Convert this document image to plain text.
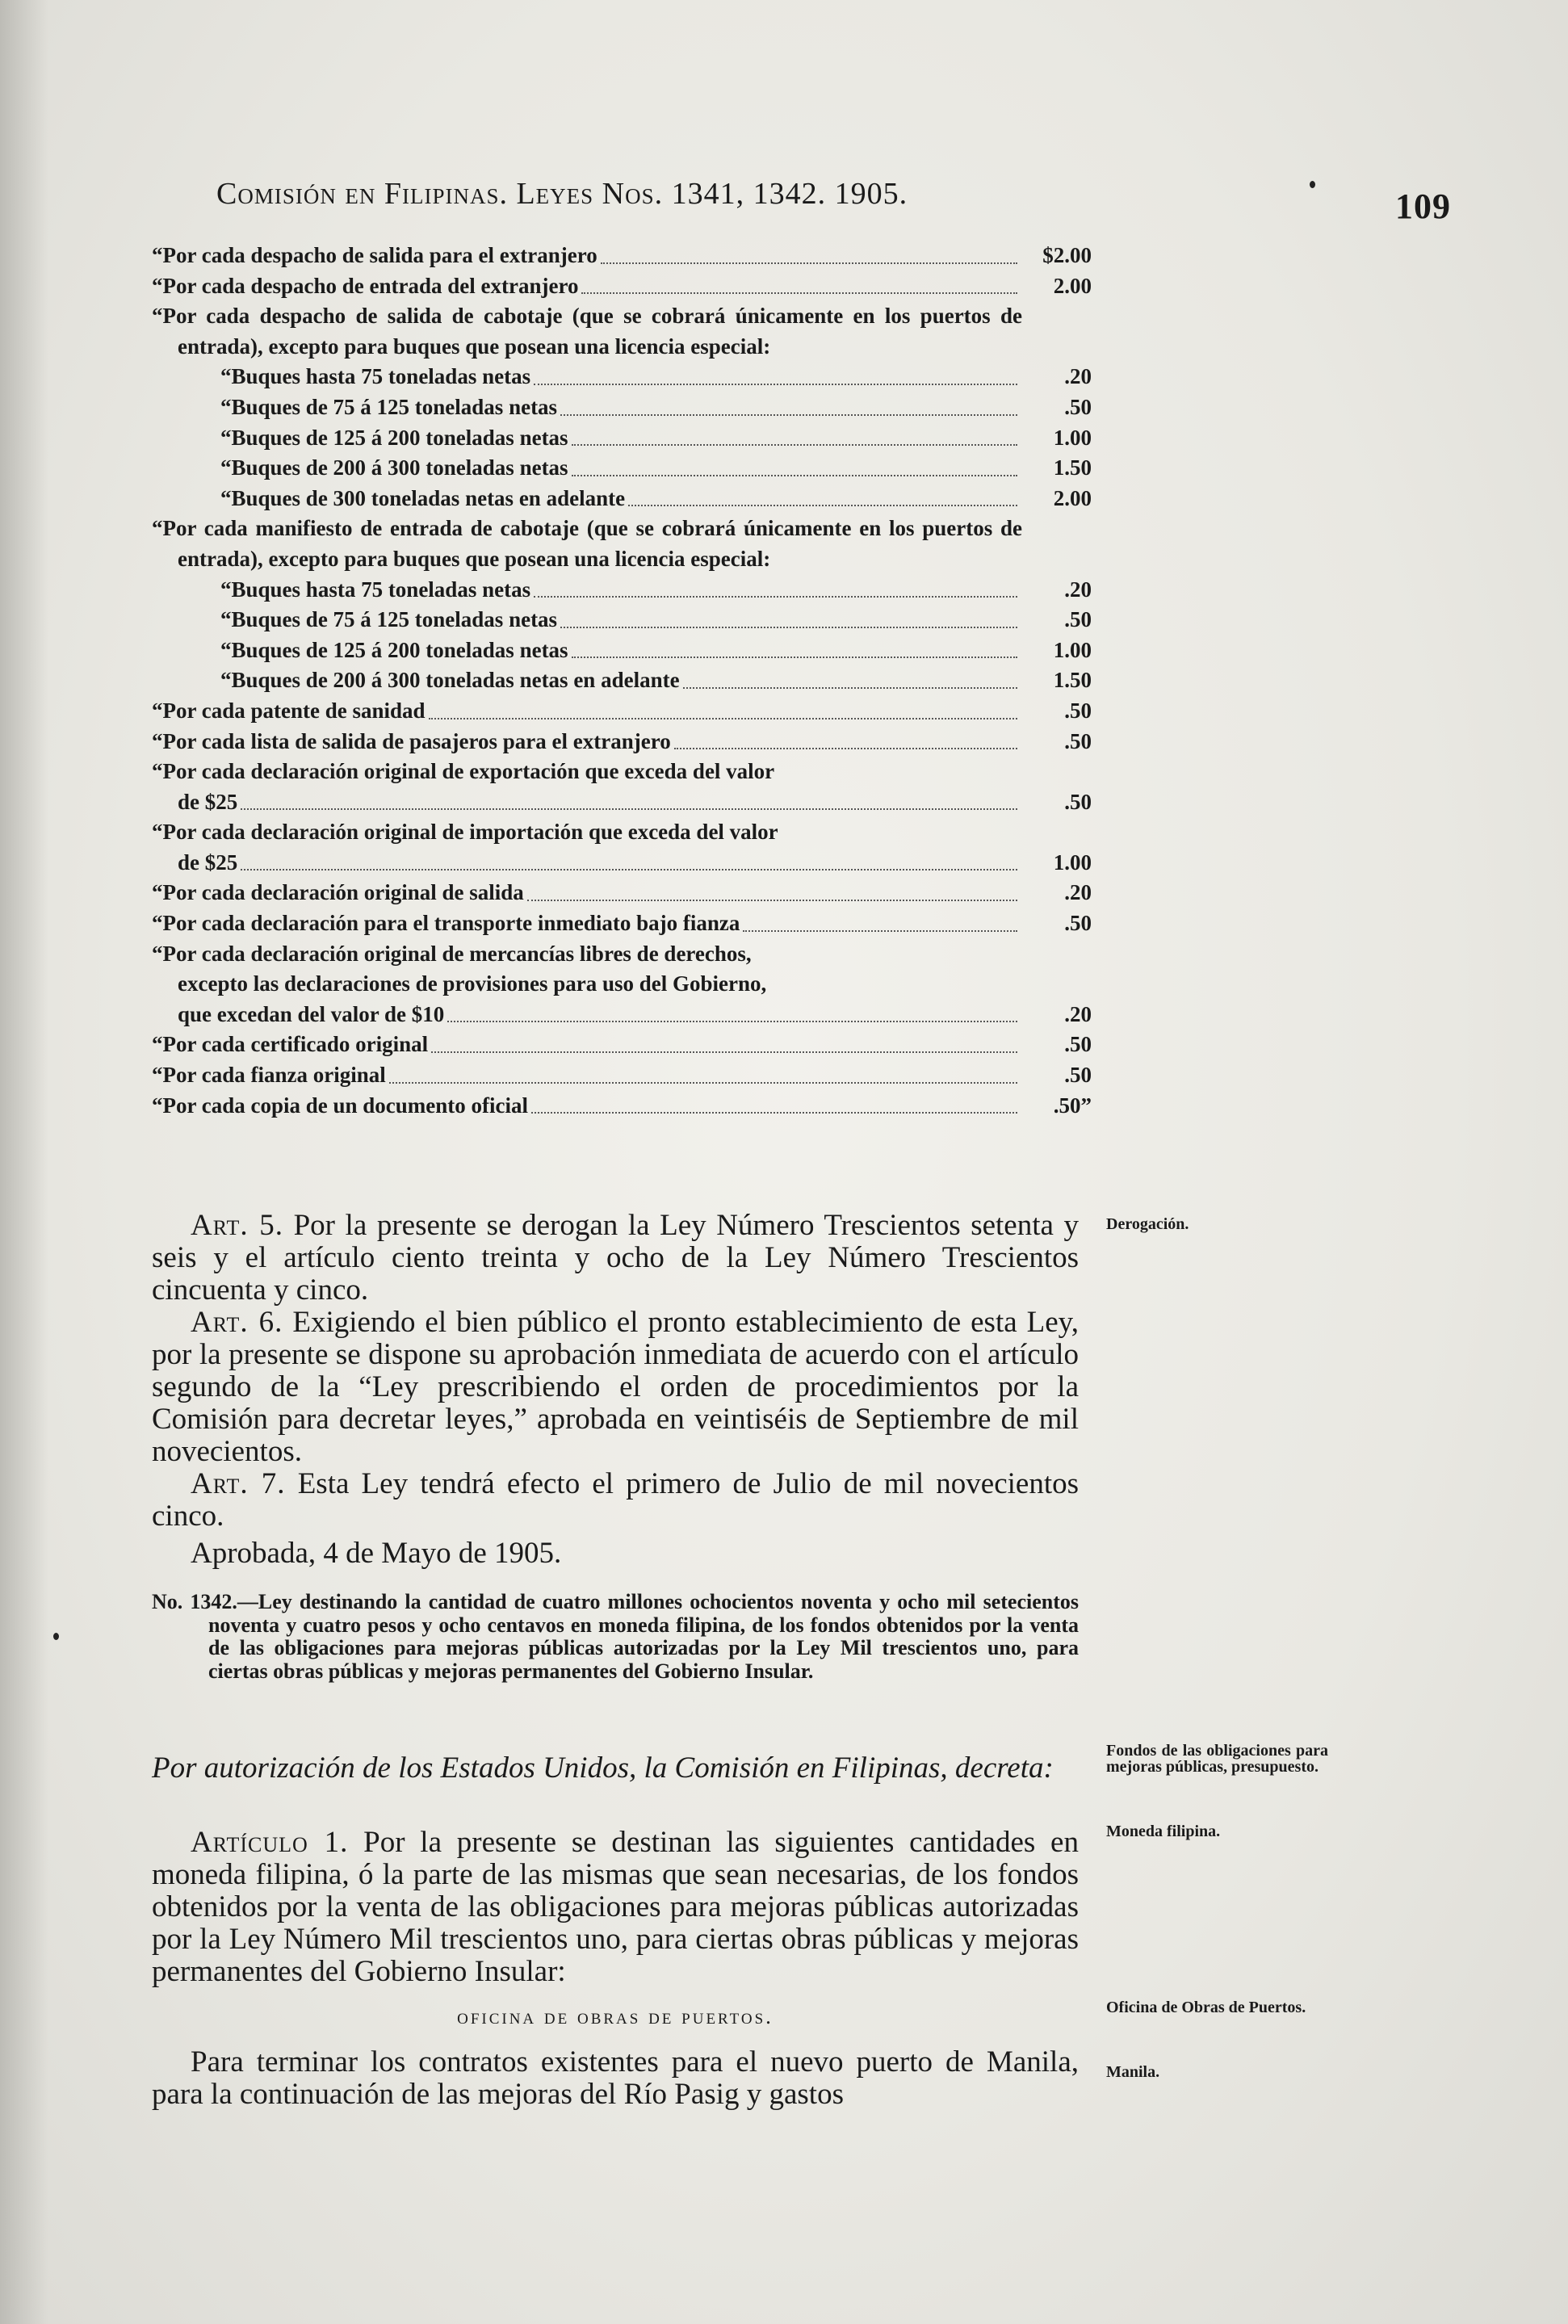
Comisión en Filipinas. Leyes Nos. 1341, 1342. 1905.	109
“Por cada despacho de salida para el extranjero	$2.00
“Por cada despacho de entrada del extranjero	2.00
“Por cada despacho de salida de cabotaje (que se cobrará únicamente en los puertos de entrada), excepto para buques que posean una licencia especial:
“Buques hasta 75 toneladas netas	.20
“Buques de 75 á 125 toneladas netas	.50
“Buques de 125 á 200 toneladas netas	1.00
“Buques de 200 á 300 toneladas netas	1.50
“Buques de 300 toneladas netas en adelante	2.00
“Por cada manifiesto de entrada de cabotaje (que se cobrará únicamente en los puertos de entrada), excepto para buques que posean una licencia especial:
“Buques hasta 75 toneladas netas	.20
“Buques de 75 á 125 toneladas netas	.50
“Buques de 125 á 200 toneladas netas	1.00
“Buques de 200 á 300 toneladas netas en adelante	1.50
“Por cada patente de sanidad	.50
“Por cada lista de salida de pasajeros para el extranjero	.50
“Por cada declaración original de exportación que exceda del valor
de $25	.50
“Por cada declaración original de importación que exceda del valor
de $25	1.00
“Por cada declaración original de salida	.20
“Por cada declaración para el transporte inmediato bajo fianza	.50
“Por cada declaración original de mercancías libres de derechos,
excepto las declaraciones de provisiones para uso del Gobierno,
que excedan del valor de $10	.20
“Por cada certificado original	.50
“Por cada fianza original	.50
“Por cada copia de un documento oficial	.50”

Art. 5. Por la presente se derogan la Ley Número Trescientos setenta y seis y el artículo ciento treinta y ocho de la Ley Número Trescientos cincuenta y cinco.

Art. 6. Exigiendo el bien público el pronto establecimiento de esta Ley, por la presente se dispone su aprobación inmediata de acuerdo con el artículo segundo de la “Ley prescribiendo el orden de procedimientos por la Comisión para decretar leyes,” aprobada en veintiséis de Septiembre de mil novecientos.

Art. 7. Esta Ley tendrá efecto el primero de Julio de mil novecientos cinco.

Aprobada, 4 de Mayo de 1905.

No. 1342.—Ley destinando la cantidad de cuatro millones ochocientos noventa y ocho mil setecientos noventa y cuatro pesos y ocho centavos en moneda filipina, de los fondos obtenidos por la venta de las obligaciones para mejoras públicas autorizadas por la Ley Mil trescientos uno, para ciertas obras públicas y mejoras permanentes del Gobierno Insular.
Por autorización de los Estados Unidos, la Comisión en Filipinas, decreta:

Artículo 1. Por la presente se destinan las siguientes cantidades en moneda filipina, ó la parte de las mismas que sean necesarias, de los fondos obtenidos por la venta de las obligaciones para mejoras públicas autorizadas por la Ley Número Mil trescientos uno, para ciertas obras públicas y mejoras permanentes del Gobierno Insular:

oficina de obras de puertos.

Para terminar los contratos existentes para el nuevo puerto de Manila, para la continuación de las mejoras del Río Pasig y gastos

Derogación.
Fondos de las obligaciones para mejoras públicas, presupuesto.
Moneda filipina.
Oficina de Obras de Puertos.
Manila.
